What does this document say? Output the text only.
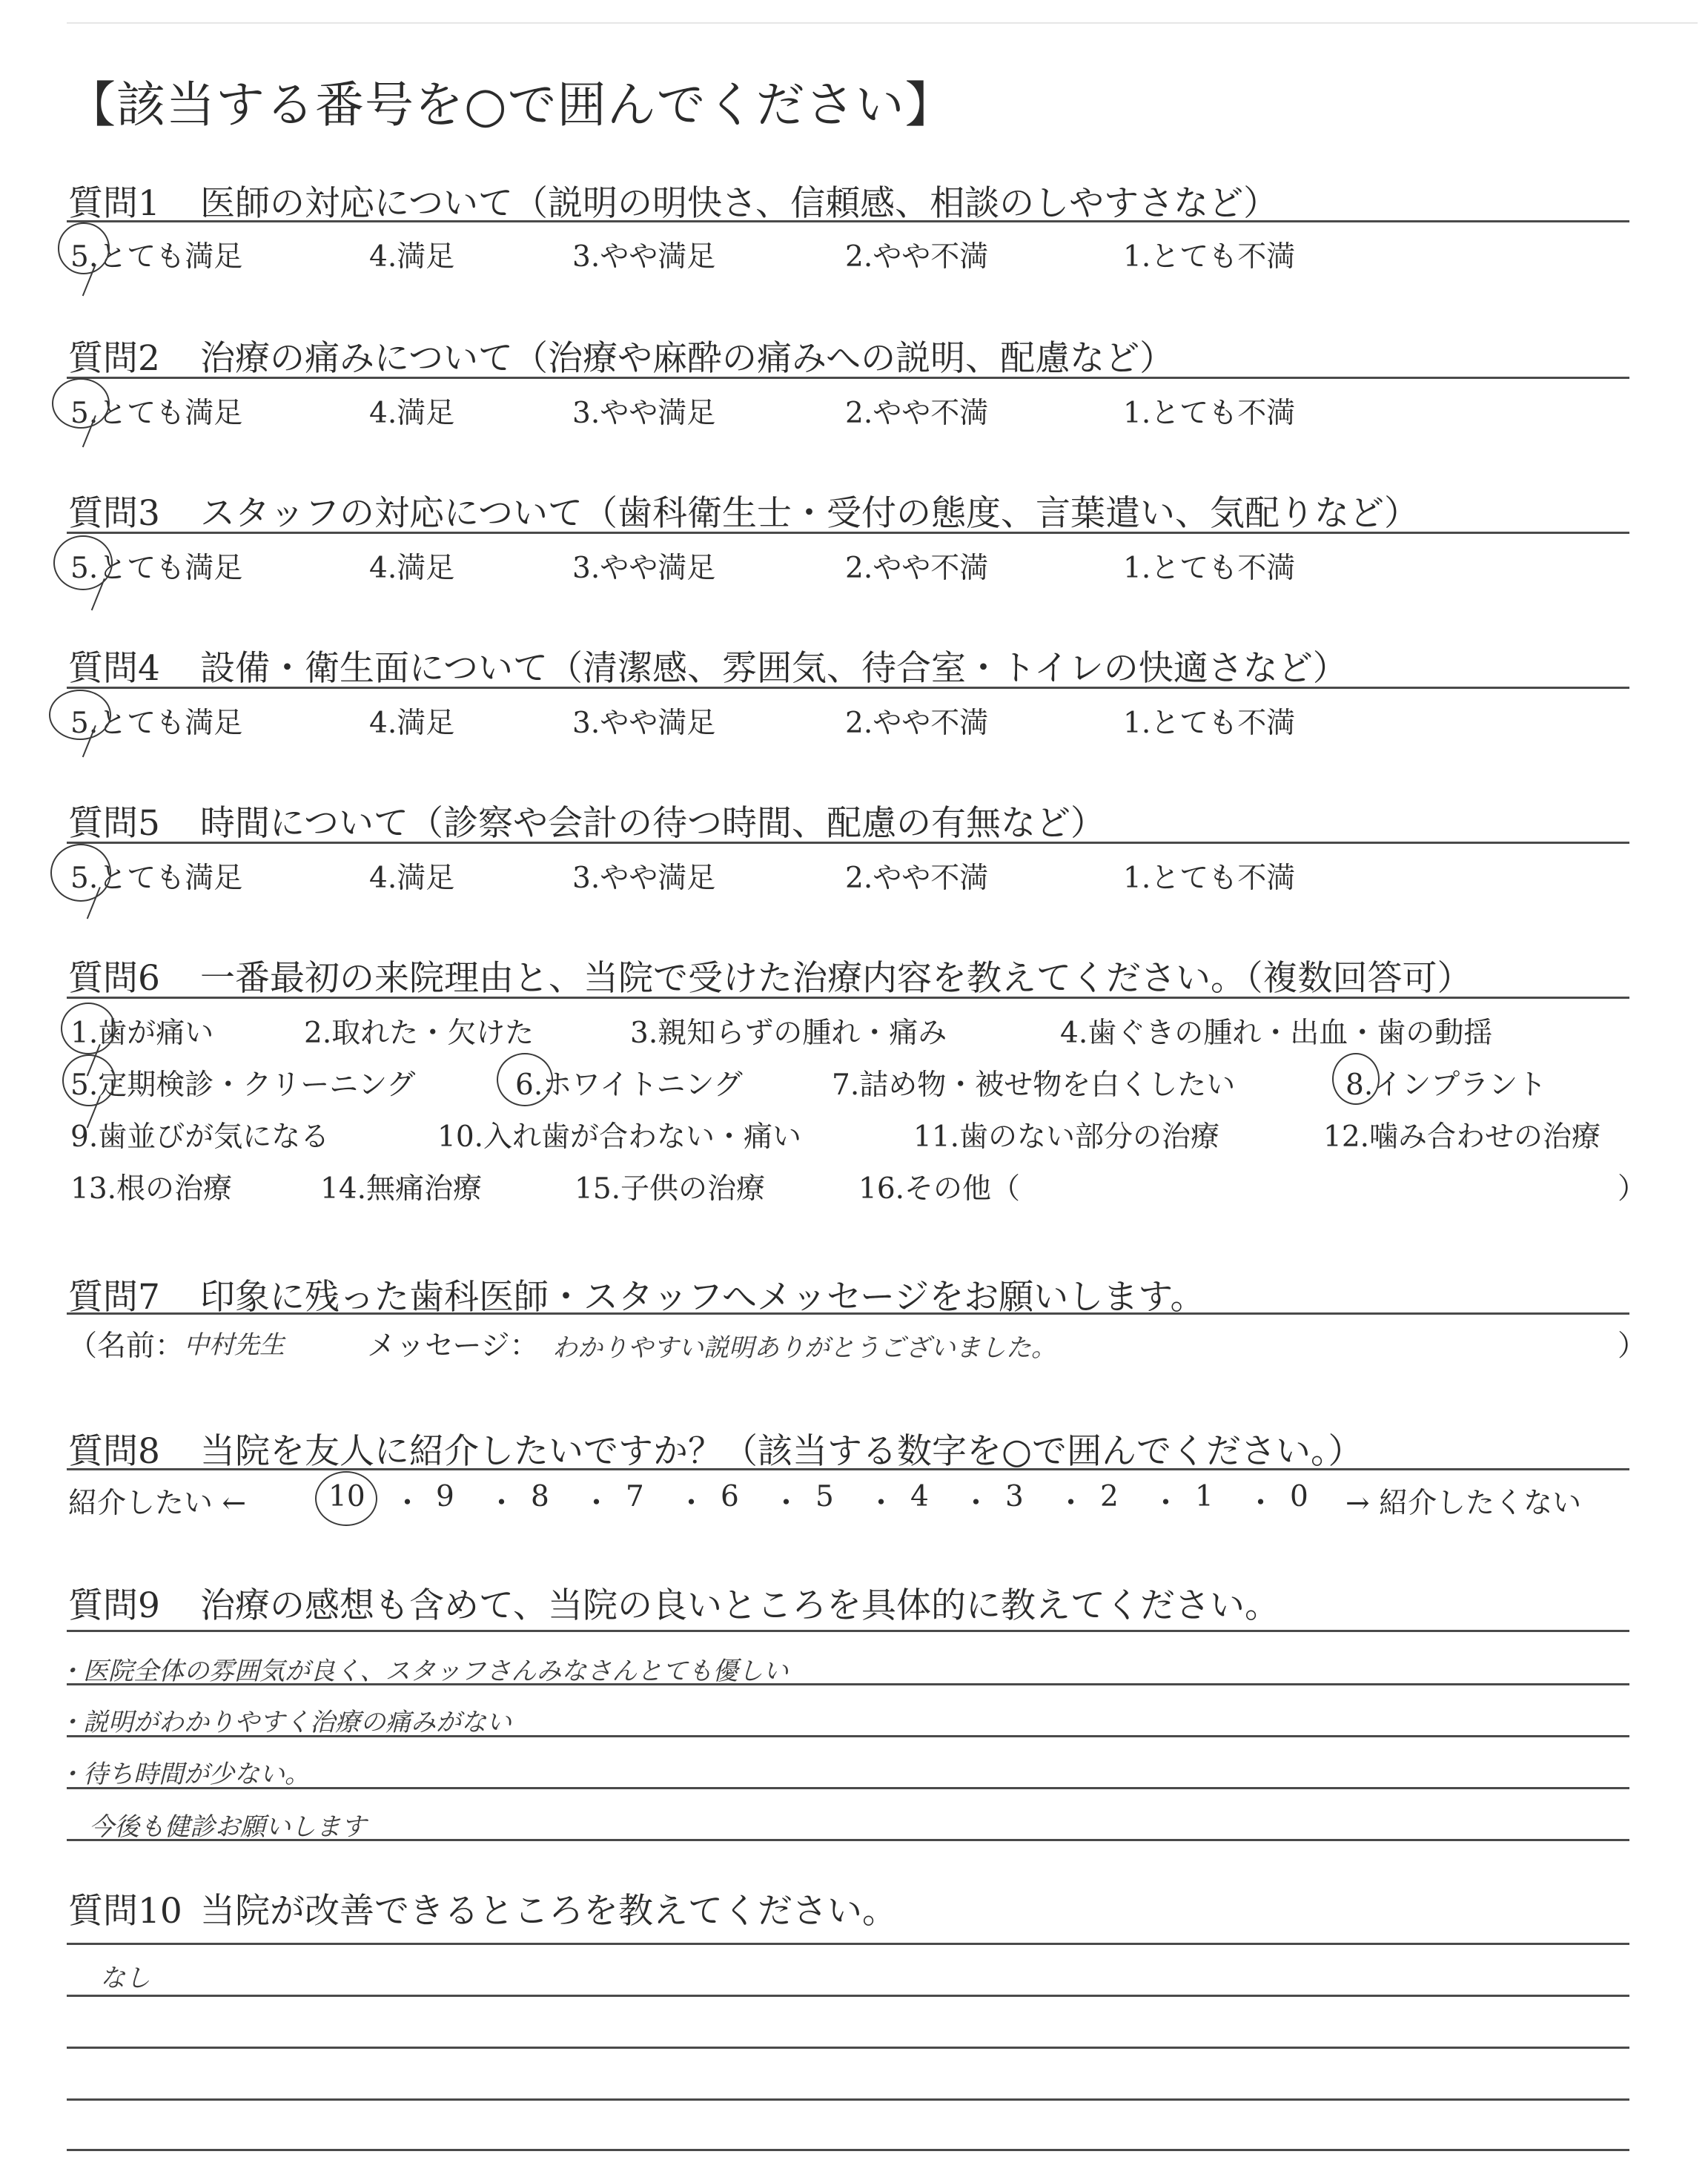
【該当する番号を○で囲んでください】
質問1 医師の対応について（説明の明快さ、信頼感、相談のしやすさなど）
5.とても満足	4.満足	3.やや満足	2.やや不満	1.とても不満
質問2 治療の痛みについて（治療や麻酔の痛みへの説明、配慮など）
5.とても満足	4.満足	3.やや満足	2.やや不満	1.とても不満
質問3 スタッフの対応について（歯科衛生士・受付の態度、言葉遣い、気配りなど）
5.とても満足	4.満足	3.やや満足	2.やや不満	1.とても不満
質問4 設備・衛生面について（清潔感、雰囲気、待合室・トイレの快適さなど）
5.とても満足	4.満足	3.やや満足	2.やや不満	1.とても不満
質問5 時間について（診察や会計の待つ時間、配慮の有無など）
5.とても満足	4.満足	3.やや満足	2.やや不満	1.とても不満
質問6 一番最初の来院理由と、当院で受けた治療内容を教えてください。（複数回答可）
1.歯が痛い	2.取れた・欠けた	3.親知らずの腫れ・痛み	4.歯ぐきの腫れ・出血・歯の動揺
5.定期検診・クリーニング	6.ホワイトニング	7.詰め物・被せ物を白くしたい	8.インプラント
9.歯並びが気になる	10.入れ歯が合わない・痛い	11.歯のない部分の治療	12.噛み合わせの治療
13.根の治療	14.無痛治療	15.子供の治療	16.その他（	）
質問7 印象に残った歯科医師・スタッフへメッセージをお願いします。
（名前： 中村先生	メッセージ： わかりやすい説明ありがとうございました。	）
質問8 当院を友人に紹介したいですか？（該当する数字を○で囲んでください。）
紹介したい ←	10 ・ 9 ・ 8 ・ 7 ・ 6 ・ 5 ・ 4 ・ 3 ・ 2 ・ 1 ・ 0 → 紹介したくない
質問9 治療の感想も含めて、当院の良いところを具体的に教えてください。
・医院全体の雰囲気が良く、スタッフさんみなさんとても優しい
・説明がわかりやすく治療の痛みがない
・待ち時間が少ない。
今後も健診お願いします
質問10 当院が改善できるところを教えてください。
なし
